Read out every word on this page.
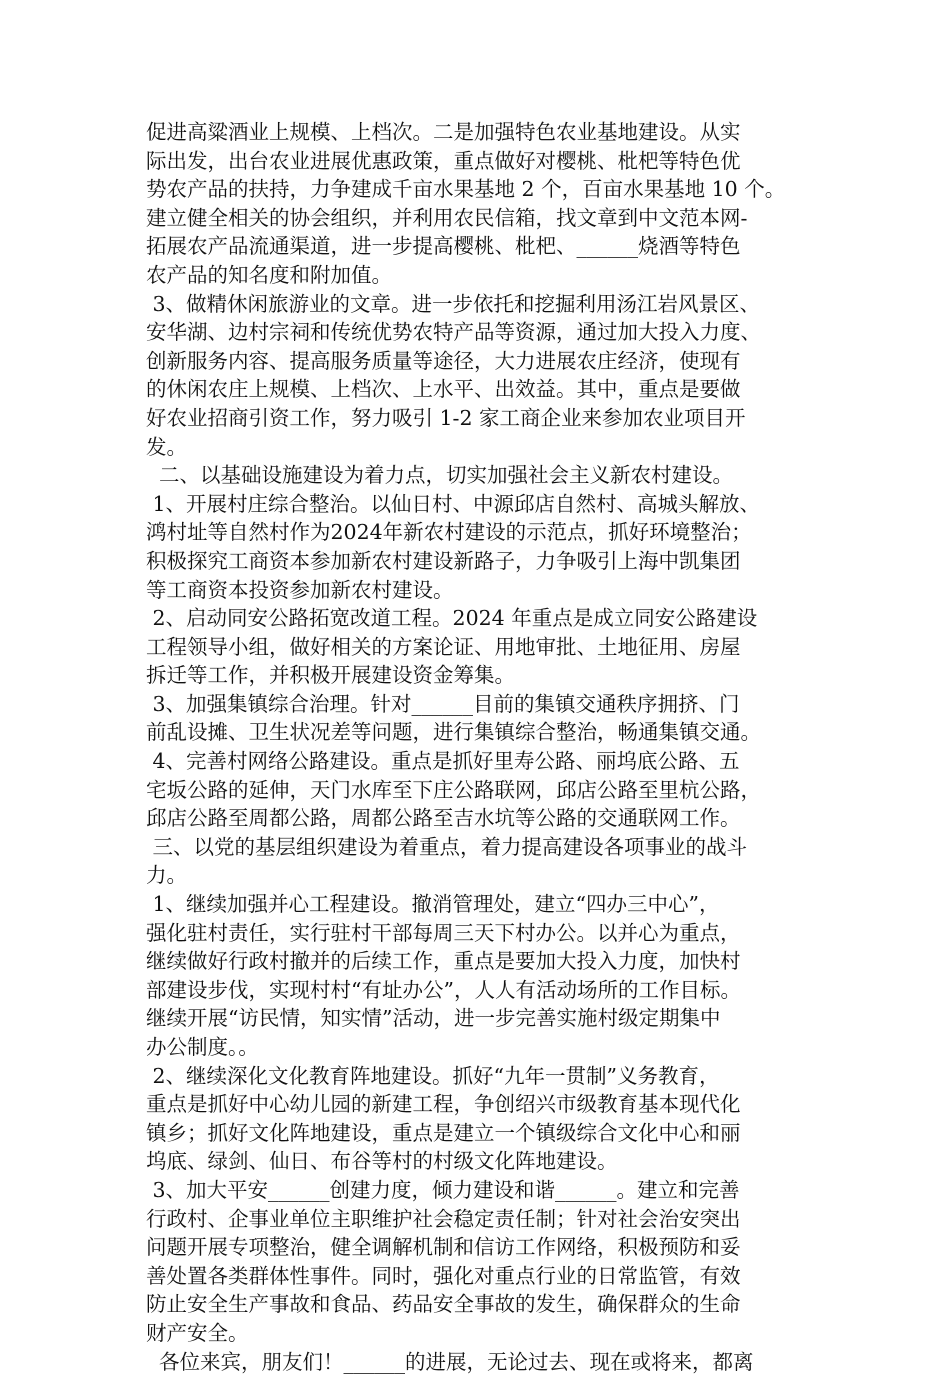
促进高粱酒业上规模、上档次。二是加强特色农业基地建设。从实
际出发，出台农业进展优惠政策，重点做好对樱桃、枇杷等特色优
势农产品的扶持，力争建成千亩水果基地 2 个，百亩水果基地 10 个。
建立健全相关的协会组织，并利用农民信箱，找文章到中文范本网-
拓展农产品流通渠道，进一步提高樱桃、枇杷、______烧酒等特色
农产品的知名度和附加值。
3、做精休闲旅游业的文章。进一步依托和挖掘利用汤江岩风景区、
安华湖、边村宗祠和传统优势农特产品等资源，通过加大投入力度、
创新服务内容、提高服务质量等途径，大力进展农庄经济，使现有
的休闲农庄上规模、上档次、上水平、出效益。其中，重点是要做
好农业招商引资工作，努力吸引 1-2 家工商企业来参加农业项目开
发。
二、以基础设施建设为着力点，切实加强社会主义新农村建设。
1、开展村庄综合整治。以仙日村、中源邱店自然村、高城头解放、
鸿村址等自然村作为2024年新农村建设的示范点，抓好环境整治；
积极探究工商资本参加新农村建设新路子，力争吸引上海中凯集团
等工商资本投资参加新农村建设。
2、启动同安公路拓宽改道工程。2024 年重点是成立同安公路建设
工程领导小组，做好相关的方案论证、用地审批、土地征用、房屋
拆迁等工作，并积极开展建设资金筹集。
3、加强集镇综合治理。针对______目前的集镇交通秩序拥挤、门
前乱设摊、卫生状况差等问题，进行集镇综合整治，畅通集镇交通。
4、完善村网络公路建设。重点是抓好里寿公路、丽坞底公路、五
宅坂公路的延伸，天门水库至下庄公路联网，邱店公路至里杭公路，
邱店公路至周都公路，周都公路至吉水坑等公路的交通联网工作。
三、以党的基层组织建设为着重点，着力提高建设各项事业的战斗
力。
1、继续加强并心工程建设。撤消管理处，建立“四办三中心”，
强化驻村责任，实行驻村干部每周三天下村办公。以并心为重点，
继续做好行政村撤并的后续工作，重点是要加大投入力度，加快村
部建设步伐，实现村村“有址办公”，人人有活动场所的工作目标。
继续开展“访民情，知实情”活动，进一步完善实施村级定期集中
办公制度。。
2、继续深化文化教育阵地建设。抓好“九年一贯制”义务教育，
重点是抓好中心幼儿园的新建工程，争创绍兴市级教育基本现代化
镇乡；抓好文化阵地建设，重点是建立一个镇级综合文化中心和丽
坞底、绿剑、仙日、布谷等村的村级文化阵地建设。
3、加大平安______创建力度，倾力建设和谐______。建立和完善
行政村、企事业单位主职维护社会稳定责任制；针对社会治安突出
问题开展专项整治，健全调解机制和信访工作网络，积极预防和妥
善处置各类群体性事件。同时，强化对重点行业的日常监管，有效
防止安全生产事故和食品、药品安全事故的发生，确保群众的生命
财产安全。
各位来宾，朋友们！______的进展，无论过去、现在或将来，都离
